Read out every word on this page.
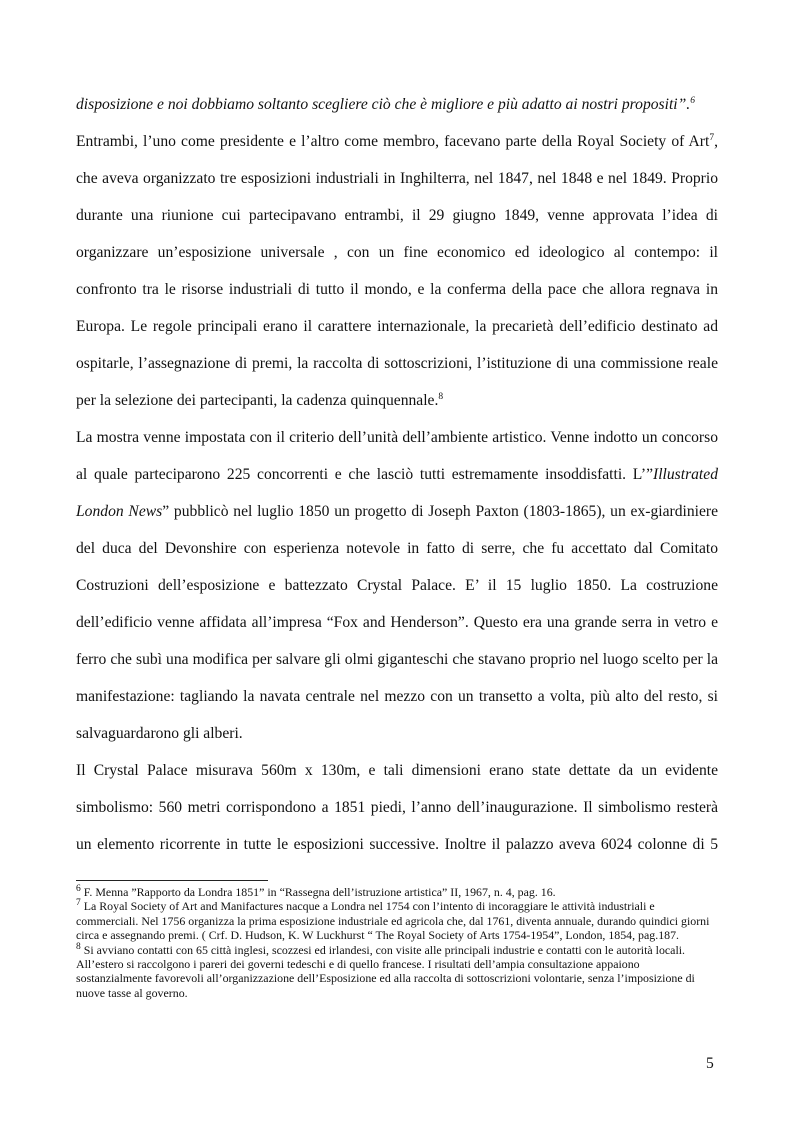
disposizione e noi dobbiamo soltanto scegliere ciò che è migliore e più adatto ai nostri propositi”.$^6$

Entrambi, l’uno come presidente e l’altro come membro, facevano parte della Royal Society of Art$^7$, che aveva organizzato tre esposizioni industriali in Inghilterra, nel 1847, nel 1848 e nel 1849. Proprio durante una riunione cui partecipavano entrambi, il 29 giugno 1849, venne approvata l’idea di organizzare un’esposizione universale , con un fine economico ed ideologico al contempo: il confronto tra le risorse industriali di tutto il mondo, e la conferma della pace che allora regnava in Europa. Le regole principali erano il carattere internazionale, la precarietà dell’edificio destinato ad ospitarle, l’assegnazione di premi, la raccolta di sottoscrizioni, l’istituzione di una commissione reale per la selezione dei partecipanti, la cadenza quinquennale.$^8$

La mostra venne impostata con il criterio dell’unità dell’ambiente artistico. Venne indotto un concorso al quale parteciparono 225 concorrenti e che lasciò tutti estremamente insoddisfatti. L’”Illustrated London News” pubblicò nel luglio 1850 un progetto di Joseph Paxton (1803-1865), un ex-giardiniere del duca del Devonshire con esperienza notevole in fatto di serre, che fu accettato dal Comitato Costruzioni dell’esposizione e battezzato Crystal Palace. E’ il 15 luglio 1850. La costruzione dell’edificio venne affidata all’impresa “Fox and Henderson”. Questo era una grande serra in vetro e ferro che subì una modifica per salvare gli olmi giganteschi che stavano proprio nel luogo scelto per la manifestazione: tagliando la navata centrale nel mezzo con un transetto a volta, più alto del resto, si salvaguardarono gli alberi.

Il Crystal Palace misurava 560m x 130m, e tali dimensioni erano state dettate da un evidente simbolismo: 560 metri corrispondono a 1851 piedi, l’anno dell’inaugurazione. Il simbolismo resterà un elemento ricorrente in tutte le esposizioni successive. Inoltre il palazzo aveva 6024 colonne di 5

$^6$ F. Menna ”Rapporto da Londra 1851” in “Rassegna dell’istruzione artistica” II, 1967, n. 4, pag. 16.

$^7$ La Royal Society of Art and Manifactures nacque a Londra nel 1754 con l’intento di incoraggiare le attività industriali e commerciali. Nel 1756 organizza la prima esposizione industriale ed agricola che, dal 1761, diventa annuale, durando quindici giorni circa e assegnando premi. ( Crf. D. Hudson, K. W Luckhurst “ The Royal Society of Arts 1754-1954”, London, 1854, pag.187.

$^8$ Si avviano contatti con 65 città inglesi, scozzesi ed irlandesi, con visite alle principali industrie e contatti con le autorità locali. All’estero si raccolgono i pareri dei governi tedeschi e di quello francese. I risultati dell’ampia consultazione appaiono sostanzialmente favorevoli all’organizzazione dell’Esposizione ed alla raccolta di sottoscrizioni volontarie, senza l’imposizione di nuove tasse al governo.

5
